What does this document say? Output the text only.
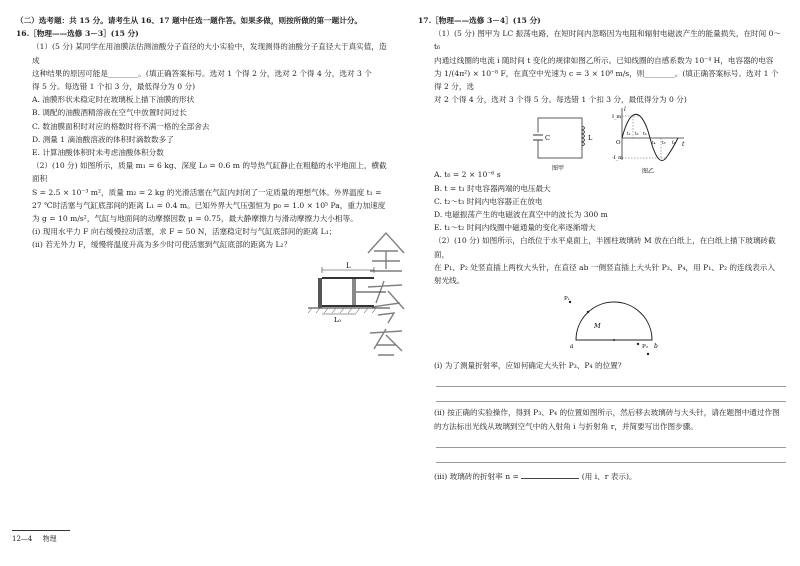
（二）选考题：共 15 分。请考生从 16、17 题中任选一题作答。如果多做，则按所做的第一题计分。

16.［物理——选修 3－3］(15 分)

（1）(5 分) 某同学在用油膜法估测油酸分子直径的大小实验中，发现测得的油酸分子直径大于真实值，造成

这种结果的原因可能是________。(填正确答案标号。选对 1 个得 2 分，选对 2 个得 4 分，选对 3 个

得 5 分。每选错 1 个扣 3 分，最低得分为 0 分)

A. 油膜形状未稳定时在玻璃板上描下油膜的形状

B. 调配的油酸酒精溶液在空气中放置时间过长

C. 数油膜面积时对应的格数时将不满一格的全部舍去

D. 测量 1 滴油酸溶液的体积时滴数数多了

E. 计算油酸体积时未考虑油酸体积分数

（2）(10 分) 如图所示，质量 m₁ = 6 kg、深度 L₀ = 0.6 m 的导热气缸静止在粗糙的水平地面上，横截面积

S = 2.5 × 10⁻³ m²，质量 m₂ = 2 kg 的光滑活塞在气缸内封闭了一定质量的理想气体。外界温度 t₁ =

27 ℃时活塞与气缸底部间的距离 L₁ = 0.4 m。已知外界大气压强恒为 p₀ = 1.0 × 10⁵ Pa，重力加速度

为 g = 10 m/s²，气缸与地面间的动摩擦因数 μ = 0.75，最大静摩擦力与滑动摩擦力大小相等。

(i) 现用水平力 F 向右缓慢拉动活塞，求 F = 50 N，活塞稳定时与气缸底部间的距离 L₁；

(ii) 若无外力 F，缓慢将温度升高为多少时可使活塞到气缸底部的距离为 L₂？

L
L₀

17.［物理——选修 3－4］(15 分)

（1）(5 分) 图甲为 LC 振荡电路，在短时间内忽略因为电阻和辐射电磁波产生的能量损失，在时间 0～t₆

内通过线圈的电流 i 随时间 t 变化的规律如图乙所示。已知线圈的自感系数为 10⁻⁴ H，电容器的电容

为 1/(4π²) × 10⁻⁸ F，在真空中光速为 c = 3 × 10⁸ m/s，则________。(填正确答案标号。选对 1 个得 2 分，选

对 2 个得 4 分，选对 3 个得 5 分。每选错 1 个扣 3 分，最低得分为 0 分)

A. t₆ = 2 × 10⁻⁶ s

B. t = t₁ 时电容器两端的电压最大

C. t₂～t₃ 时间内电容器正在放电

D. 电磁振荡产生的电磁波在真空中的波长为 300 m

E. t₁～t₂ 时间内线圈中磁通量的变化率逐渐增大

（2）(10 分) 如图所示，白纸位于水平桌面上，半圆柱玻璃砖 M 放在白纸上，在白纸上描下玻璃砖截面，

在 P₁、P₂ 处竖直插上两枚大头针，在直径 ab 一侧竖直插上大头针 P₃、P₄，用 P₁、P₂ 的连线表示入

射光线。

(i) 为了测量折射率，应如何确定大头针 P₃、P₄ 的位置？

(ii) 按正确的实验操作，得到 P₃、P₄ 的位置如图所示，然后移去玻璃砖与大头针，请在题图中通过作图

的方法标出光线从玻璃到空气中的入射角 i 与折射角 r，并简要写出作图步骤。

(iii) 玻璃砖的折射率 n =	(用 i、r 表示)。

C	L
图甲
i
t
O
I_m
-I_m
t₁ t₂ t₃
t₄ t₅ t₆
图乙
a	b
M
P₁
P₂
12—4 物理
